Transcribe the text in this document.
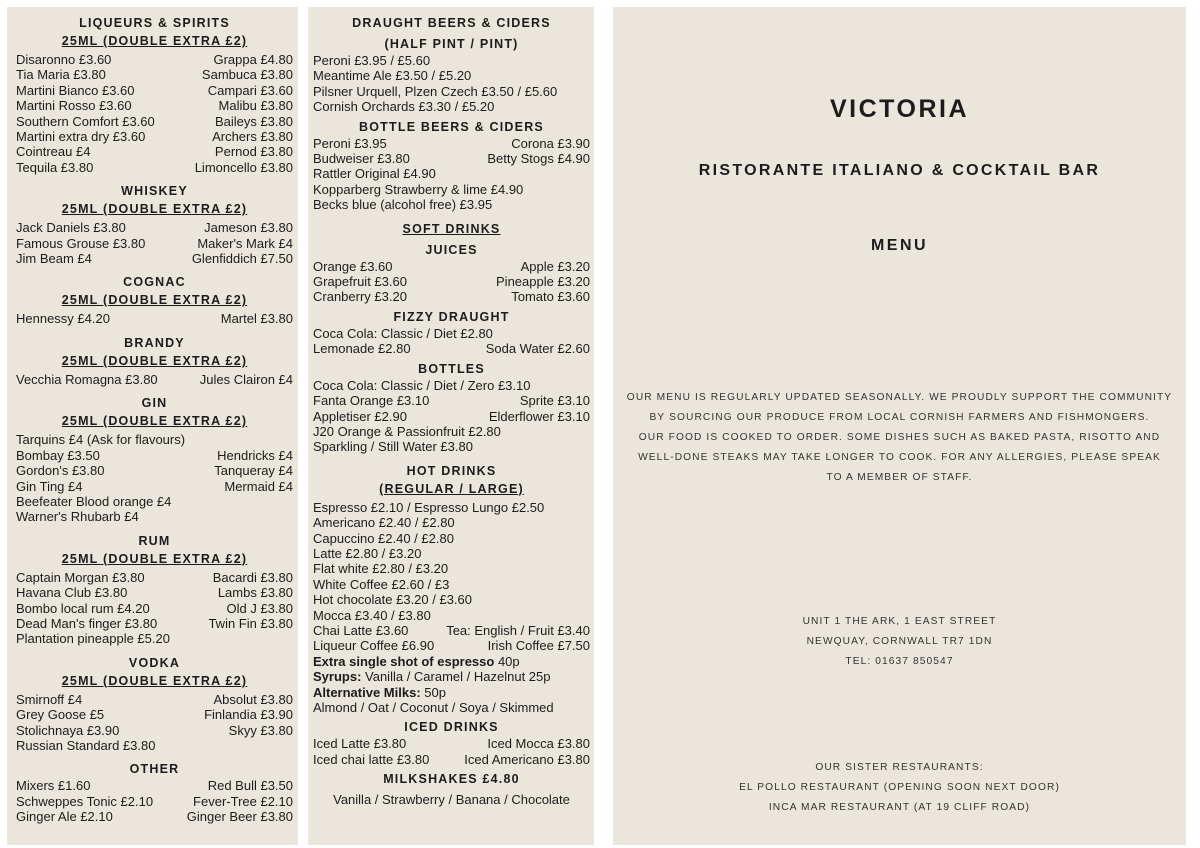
LIQUEURS & SPIRITS
25ML (DOUBLE EXTRA £2)
Disaronno £3.60	Grappa £4.80
Tia Maria £3.80	Sambuca £3.80
Martini Bianco £3.60	Campari £3.60
Martini Rosso £3.60	Malibu £3.80
Southern Comfort £3.60	Baileys £3.80
Martini extra dry £3.60	Archers £3.80
Cointreau £4	Pernod £3.80
Tequila £3.80	Limoncello £3.80
WHISKEY
25ML (DOUBLE EXTRA £2)
Jack Daniels £3.80	Jameson £3.80
Famous Grouse £3.80	Maker's Mark £4
Jim Beam £4	Glenfiddich £7.50
COGNAC
25ML (DOUBLE EXTRA £2)
Hennessy £4.20	Martel £3.80
BRANDY
25ML (DOUBLE EXTRA £2)
Vecchia Romagna £3.80	Jules Clairon £4
GIN
25ML (DOUBLE EXTRA £2)
Tarquins £4 (Ask for flavours)
Bombay £3.50	Hendricks £4
Gordon's £3.80	Tanqueray £4
Gin Ting £4	Mermaid £4
Beefeater Blood orange £4
Warner's Rhubarb £4
RUM
25ML (DOUBLE EXTRA £2)
Captain Morgan £3.80	Bacardi £3.80
Havana Club £3.80	Lambs £3.80
Bombo local rum £4.20	Old J £3.80
Dead Man's finger £3.80	Twin Fin £3.80
Plantation pineapple £5.20
VODKA
25ML (DOUBLE EXTRA £2)
Smirnoff £4	Absolut £3.80
Grey Goose £5	Finlandia £3.90
Stolichnaya £3.90	Skyy £3.80
Russian Standard £3.80
OTHER
Mixers £1.60	Red Bull £3.50
Schweppes Tonic £2.10	Fever-Tree £2.10
Ginger Ale £2.10	Ginger Beer £3.80
DRAUGHT BEERS & CIDERS
(HALF PINT / PINT)
Peroni £3.95 / £5.60
Meantime Ale £3.50 / £5.20
Pilsner Urquell, Plzen Czech £3.50 / £5.60
Cornish Orchards £3.30 / £5.20
BOTTLE BEERS & CIDERS
Peroni £3.95	Corona £3.90
Budweiser £3.80	Betty Stogs £4.90
Rattler Original £4.90
Kopparberg Strawberry & lime £4.90
Becks blue (alcohol free) £3.95
SOFT DRINKS
JUICES
Orange £3.60	Apple £3.20
Grapefruit £3.60	Pineapple £3.20
Cranberry £3.20	Tomato £3.60
FIZZY DRAUGHT
Coca Cola: Classic / Diet £2.80
Lemonade £2.80	Soda Water £2.60
BOTTLES
Coca Cola: Classic / Diet / Zero £3.10
Fanta Orange £3.10	Sprite £3.10
Appletiser £2.90	Elderflower £3.10
J20 Orange & Passionfruit £2.80
Sparkling / Still Water £3.80
HOT DRINKS
(REGULAR / LARGE)
Espresso £2.10 / Espresso Lungo £2.50
Americano £2.40 / £2.80
Capuccino £2.40 / £2.80
Latte £2.80 / £3.20
Flat white £2.80 / £3.20
White Coffee £2.60 / £3
Hot chocolate £3.20 / £3.60
Mocca £3.40 / £3.80
Chai Latte £3.60	Tea: English / Fruit £3.40
Liqueur Coffee £6.90	Irish Coffee £7.50
Extra single shot of espresso 40p
Syrups: Vanilla / Caramel / Hazelnut 25p
Alternative Milks: 50p
Almond / Oat / Coconut / Soya / Skimmed
ICED DRINKS
Iced Latte £3.80	Iced Mocca £3.80
Iced chai latte £3.80	Iced Americano £3.80
MILKSHAKES £4.80
Vanilla / Strawberry / Banana / Chocolate
VICTORIA
RISTORANTE ITALIANO & COCKTAIL BAR
MENU
OUR MENU IS REGULARLY UPDATED SEASONALLY. WE PROUDLY SUPPORT THE COMMUNITY
BY SOURCING OUR PRODUCE FROM LOCAL CORNISH FARMERS AND FISHMONGERS.
OUR FOOD IS COOKED TO ORDER. SOME DISHES SUCH AS BAKED PASTA, RISOTTO AND
WELL-DONE STEAKS MAY TAKE LONGER TO COOK. FOR ANY ALLERGIES, PLEASE SPEAK
TO A MEMBER OF STAFF.
UNIT 1 THE ARK, 1 EAST STREET
NEWQUAY, CORNWALL TR7 1DN
TEL: 01637 850547
OUR SISTER RESTAURANTS:
EL POLLO RESTAURANT (OPENING SOON NEXT DOOR)
INCA MAR RESTAURANT (AT 19 CLIFF ROAD)
